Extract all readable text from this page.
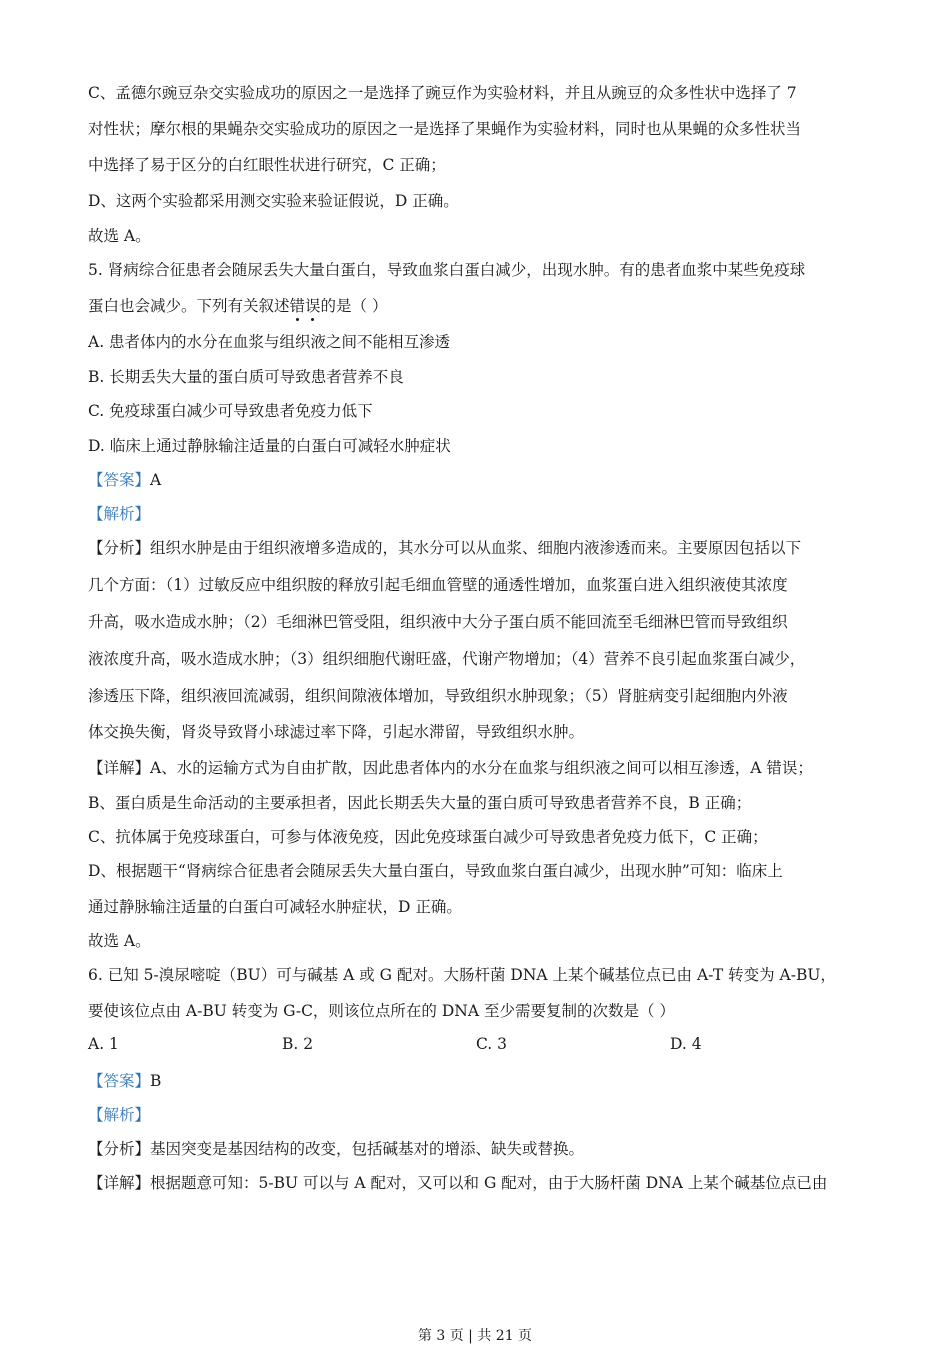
C、孟德尔豌豆杂交实验成功的原因之一是选择了豌豆作为实验材料，并且从豌豆的众多性状中选择了 7
对性状；摩尔根的果蝇杂交实验成功的原因之一是选择了果蝇作为实验材料，同时也从果蝇的众多性状当
中选择了易于区分的白红眼性状进行研究，C 正确；
D、这两个实验都采用测交实验来验证假说，D 正确。
故选 A。
5. 肾病综合征患者会随尿丢失大量白蛋白，导致血浆白蛋白减少，出现水肿。有的患者血浆中某些免疫球
蛋白也会减少。下列有关叙述错误的是（ ）
A. 患者体内的水分在血浆与组织液之间不能相互渗透
B. 长期丢失大量的蛋白质可导致患者营养不良
C. 免疫球蛋白减少可导致患者免疫力低下
D. 临床上通过静脉输注适量的白蛋白可减轻水肿症状
【答案】A
【解析】
【分析】组织水肿是由于组织液增多造成的，其水分可以从血浆、细胞内液渗透而来。主要原因包括以下
几个方面：（1）过敏反应中组织胺的释放引起毛细血管壁的通透性增加，血浆蛋白进入组织液使其浓度
升高，吸水造成水肿；（2）毛细淋巴管受阻，组织液中大分子蛋白质不能回流至毛细淋巴管而导致组织
液浓度升高，吸水造成水肿；（3）组织细胞代谢旺盛，代谢产物增加；（4）营养不良引起血浆蛋白减少，
渗透压下降，组织液回流减弱，组织间隙液体增加，导致组织水肿现象；（5）肾脏病变引起细胞内外液
体交换失衡，肾炎导致肾小球滤过率下降，引起水滞留，导致组织水肿。
【详解】A、水的运输方式为自由扩散，因此患者体内的水分在血浆与组织液之间可以相互渗透，A 错误；
B、蛋白质是生命活动的主要承担者，因此长期丢失大量的蛋白质可导致患者营养不良，B 正确；
C、抗体属于免疫球蛋白，可参与体液免疫，因此免疫球蛋白减少可导致患者免疫力低下，C 正确；
D、根据题干“肾病综合征患者会随尿丢失大量白蛋白，导致血浆白蛋白减少，出现水肿”可知：临床上
通过静脉输注适量的白蛋白可减轻水肿症状，D 正确。
故选 A。
6. 已知 5-溴尿嘧啶（BU）可与碱基 A 或 G 配对。大肠杆菌 DNA 上某个碱基位点已由 A-T 转变为 A-BU，
要使该位点由 A-BU 转变为 G-C，则该位点所在的 DNA 至少需要复制的次数是（ ）
A. 1	B. 2	C. 3	D. 4
【答案】B
【解析】
【分析】基因突变是基因结构的改变，包括碱基对的增添、缺失或替换。
【详解】根据题意可知：5-BU 可以与 A 配对，又可以和 G 配对，由于大肠杆菌 DNA 上某个碱基位点已由
第 3 页 | 共 21 页
